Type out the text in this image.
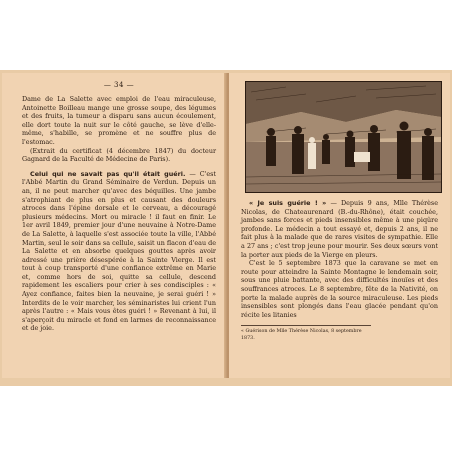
— 34 —

Dame de La Salette avec emploi de l'eau miraculeuse, Antoinette Boilleau mange une grosse soupe, des légumes et des fruits, la tumeur a disparu sans aucun écoulement, elle dort toute la nuit sur le côté gauche, se lève d'elle-même, s'habille, se promène et ne souffre plus de l'estomac.

(Extrait du certificat (4 décembre 1847) du docteur Gagnard de la Faculté de Médecine de Paris).

Celui qui ne savait pas qu'il était guéri. — C'est l'Abbé Martin du Grand Séminaire de Verdun. Depuis un an, il ne peut marcher qu'avec des béquilles. Une jambe s'atrophiant de plus en plus et causant des douleurs atroces dans l'épine dorsale et le cerveau, a découragé plusieurs médecins. Mort ou miracle ! il faut en finir. Le 1er avril 1849, premier jour d'une neuvaine à Notre-Dame de La Salette, à laquelle s'est associée toute la ville, l'Abbé Martin, seul le soir dans sa cellule, saisit un flacon d'eau de La Salette et en absorbe quelques gouttes après avoir adressé une prière désespérée à la Sainte Vierge. Il est tout à coup transporté d'une confiance extrême en Marie et, comme hors de soi, quitte sa cellule, descend rapidement les escaliers pour crier à ses condisciples : « Ayez confiance, faites bien la neuvaine, je serai guéri ! » Interdits de le voir marcher, les séminaristes lui crient l'un après l'autre : « Mais vous êtes guéri ! » Revenant à lui, il s'aperçoit du miracle et fond en larmes de reconnaissance et de joie.

« Je suis guérie ! » — Depuis 9 ans, Mlle Thérèse Nicolas, de Chateaurenard (B.-du-Rhône), était couchée, jambes sans forces et pieds insensibles même à une piqûre profonde. Le médecin a tout essayé et, depuis 2 ans, il ne fait plus à la malade que de rares visites de sympathie. Elle a 27 ans ; c'est trop jeune pour mourir. Ses deux sœurs vont la porter aux pieds de la Vierge en pleurs.

C'est le 5 septembre 1873 que la caravane se met en route pour atteindre la Sainte Montagne le lendemain soir, sous une pluie battante, avec des difficultés inouïes et des souffrances atroces. Le 8 septembre, fête de la Nativité, on porte la malade auprès de la source miraculeuse. Les pieds insensibles sont plongés dans l'eau glacée pendant qu'on récite les litanies

« Guérison de Mlle Thérèse Nicolas, 8 septembre 1873.
